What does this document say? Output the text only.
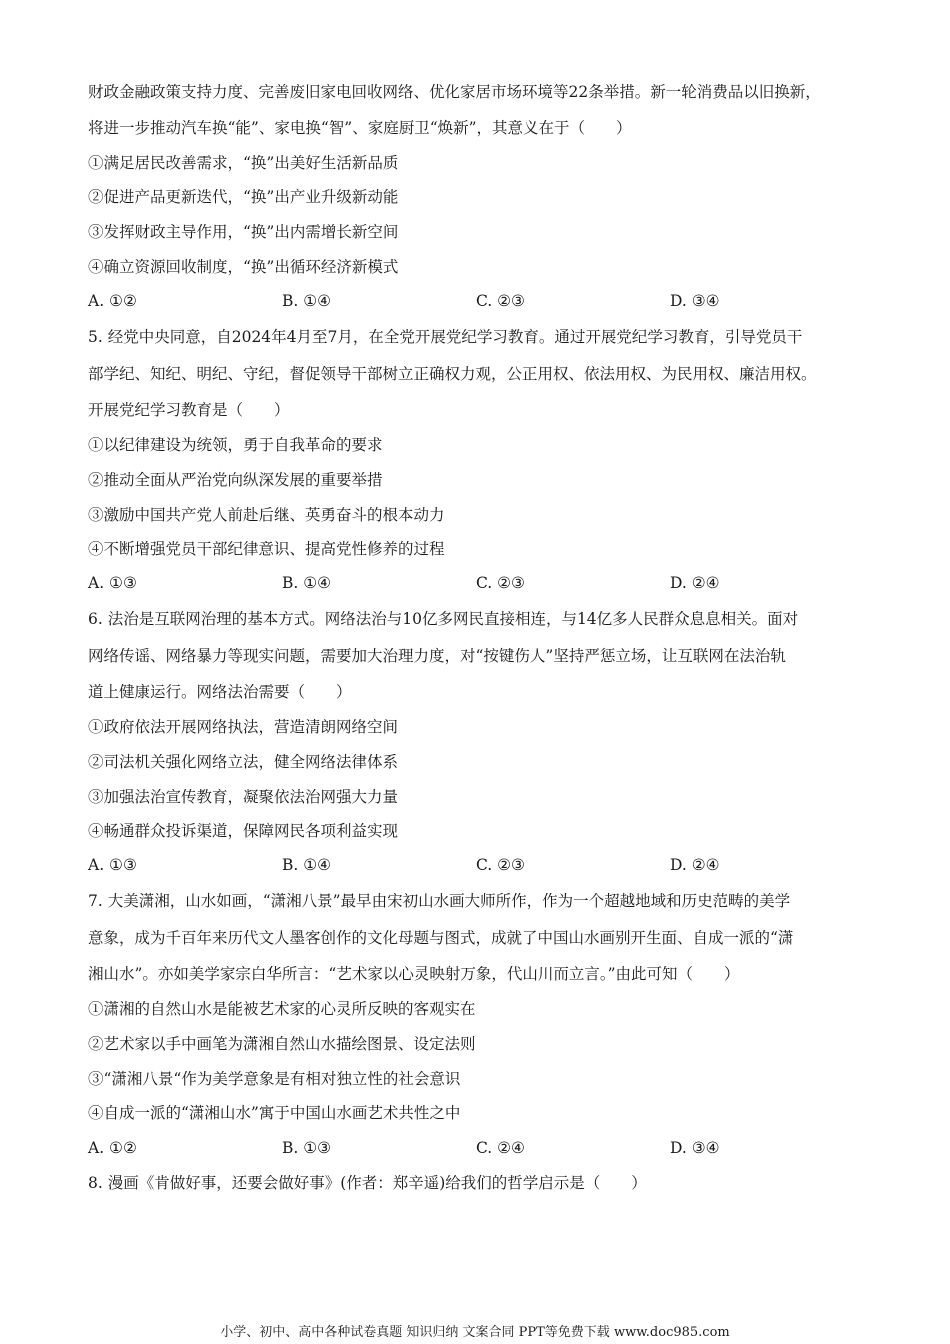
财政金融政策支持力度、完善废旧家电回收网络、优化家居市场环境等22条举措。新一轮消费品以旧换新，
将进一步推动汽车换“能”、家电换“智”、家庭厨卫“焕新”，其意义在于（　　）
①满足居民改善需求，“换”出美好生活新品质
②促进产品更新迭代，“换”出产业升级新动能
③发挥财政主导作用，“换”出内需增长新空间
④确立资源回收制度，“换”出循环经济新模式
A. ①②	B. ①④	C. ②③	D. ③④
5. 经党中央同意，自2024年4月至7月，在全党开展党纪学习教育。通过开展党纪学习教育，引导党员干
部学纪、知纪、明纪、守纪，督促领导干部树立正确权力观，公正用权、依法用权、为民用权、廉洁用权。
开展党纪学习教育是（　　）
①以纪律建设为统领，勇于自我革命的要求
②推动全面从严治党向纵深发展的重要举措
③激励中国共产党人前赴后继、英勇奋斗的根本动力
④不断增强党员干部纪律意识、提高党性修养的过程
A. ①③	B. ①④	C. ②③	D. ②④
6. 法治是互联网治理的基本方式。网络法治与10亿多网民直接相连，与14亿多人民群众息息相关。面对
网络传谣、网络暴力等现实问题，需要加大治理力度，对“按键伤人”坚持严惩立场，让互联网在法治轨
道上健康运行。网络法治需要（　　）
①政府依法开展网络执法，营造清朗网络空间
②司法机关强化网络立法，健全网络法律体系
③加强法治宣传教育，凝聚依法治网强大力量
④畅通群众投诉渠道，保障网民各项利益实现
A. ①③	B. ①④	C. ②③	D. ②④
7. 大美潇湘，山水如画，“潇湘八景”最早由宋初山水画大师所作，作为一个超越地域和历史范畴的美学
意象，成为千百年来历代文人墨客创作的文化母题与图式，成就了中国山水画别开生面、自成一派的“潇
湘山水”。亦如美学家宗白华所言：“艺术家以心灵映射万象，代山川而立言。”由此可知（　　）
①潇湘的自然山水是能被艺术家的心灵所反映的客观实在
②艺术家以手中画笔为潇湘自然山水描绘图景、设定法则
③“潇湘八景“作为美学意象是有相对独立性的社会意识
④自成一派的“潇湘山水”寓于中国山水画艺术共性之中
A. ①②	B. ①③	C. ②④	D. ③④
8. 漫画《肯做好事，还要会做好事》(作者：郑辛遥)给我们的哲学启示是（　　）
小学、初中、高中各种试卷真题 知识归纳 文案合同 PPT等免费下载 www.doc985.com
